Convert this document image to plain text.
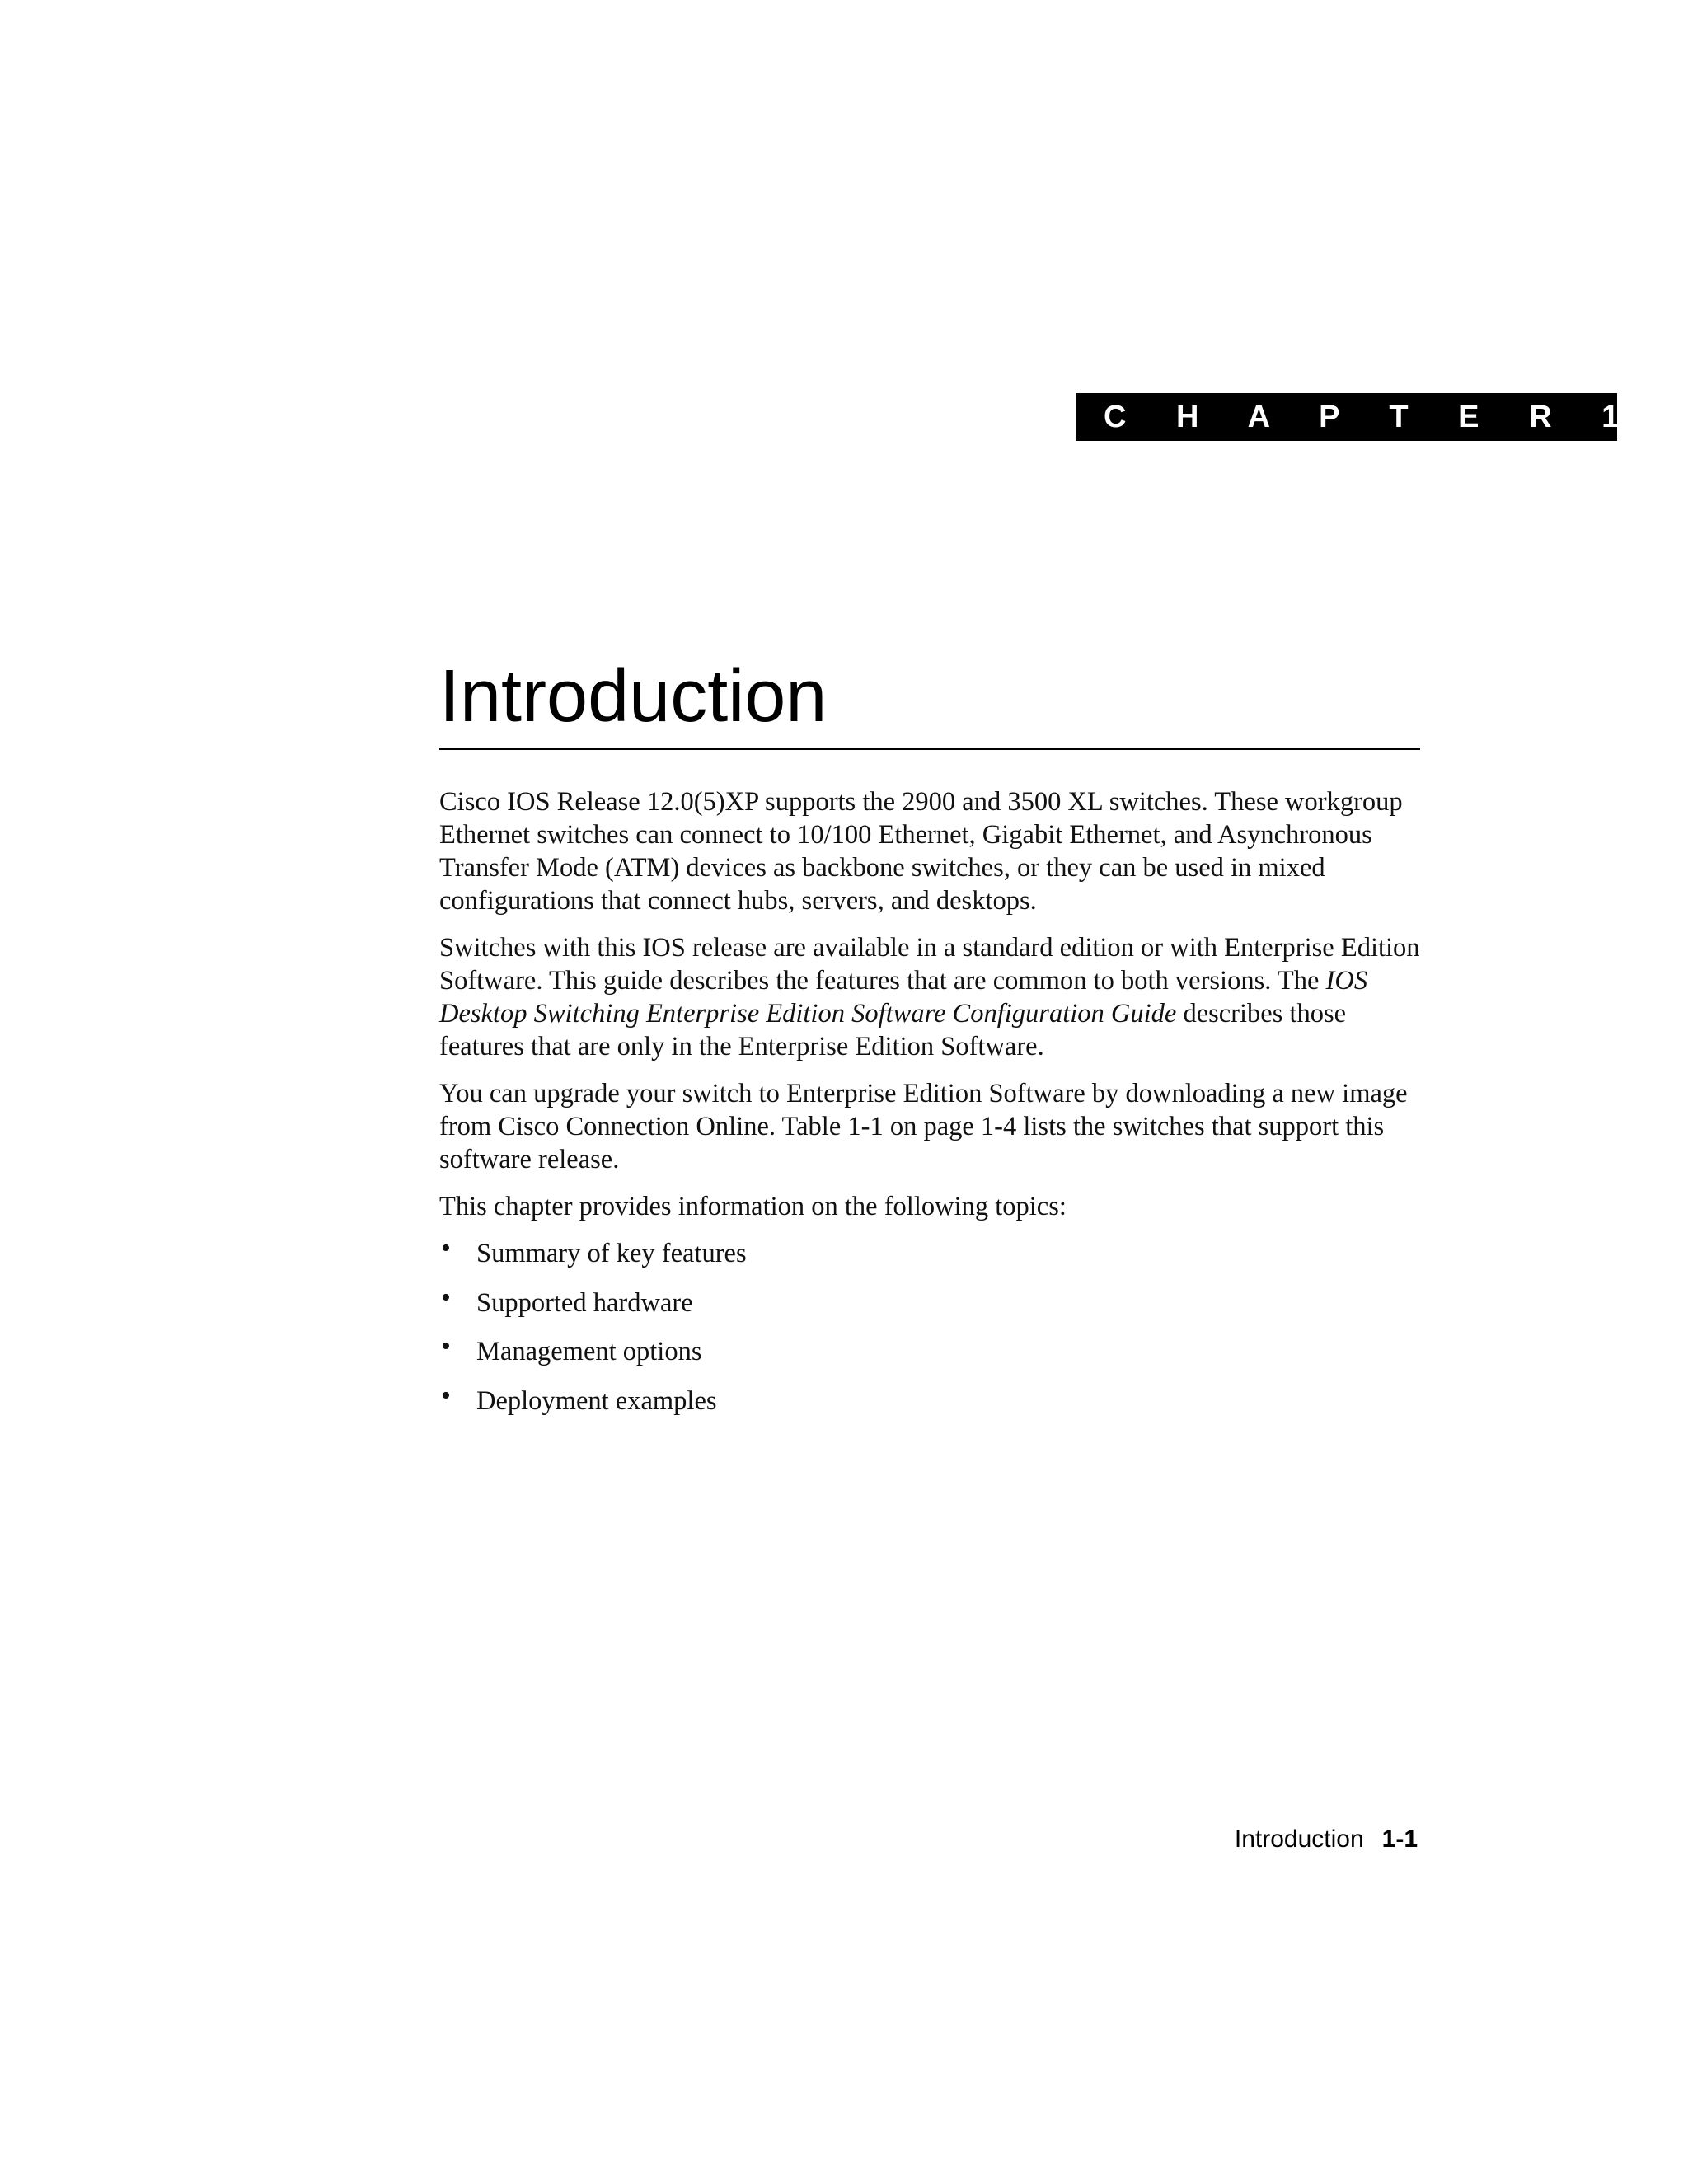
C H A P T E R 1
Introduction

Cisco IOS Release 12.0(5)XP supports the 2900 and 3500 XL switches. These workgroup
Ethernet switches can connect to 10/100 Ethernet, Gigabit Ethernet, and Asynchronous
Transfer Mode (ATM) devices as backbone switches, or they can be used in mixed
configurations that connect hubs, servers, and desktops.

Switches with this IOS release are available in a standard edition or with Enterprise Edition
Software. This guide describes the features that are common to both versions. The IOS
Desktop Switching Enterprise Edition Software Configuration Guide describes those
features that are only in the Enterprise Edition Software.

You can upgrade your switch to Enterprise Edition Software by downloading a new image
from Cisco Connection Online. Table 1-1 on page 1-4 lists the switches that support this
software release.

This chapter provides information on the following topics:

• Summary of key features
• Supported hardware
• Management options
• Deployment examples
Introduction 1-1
